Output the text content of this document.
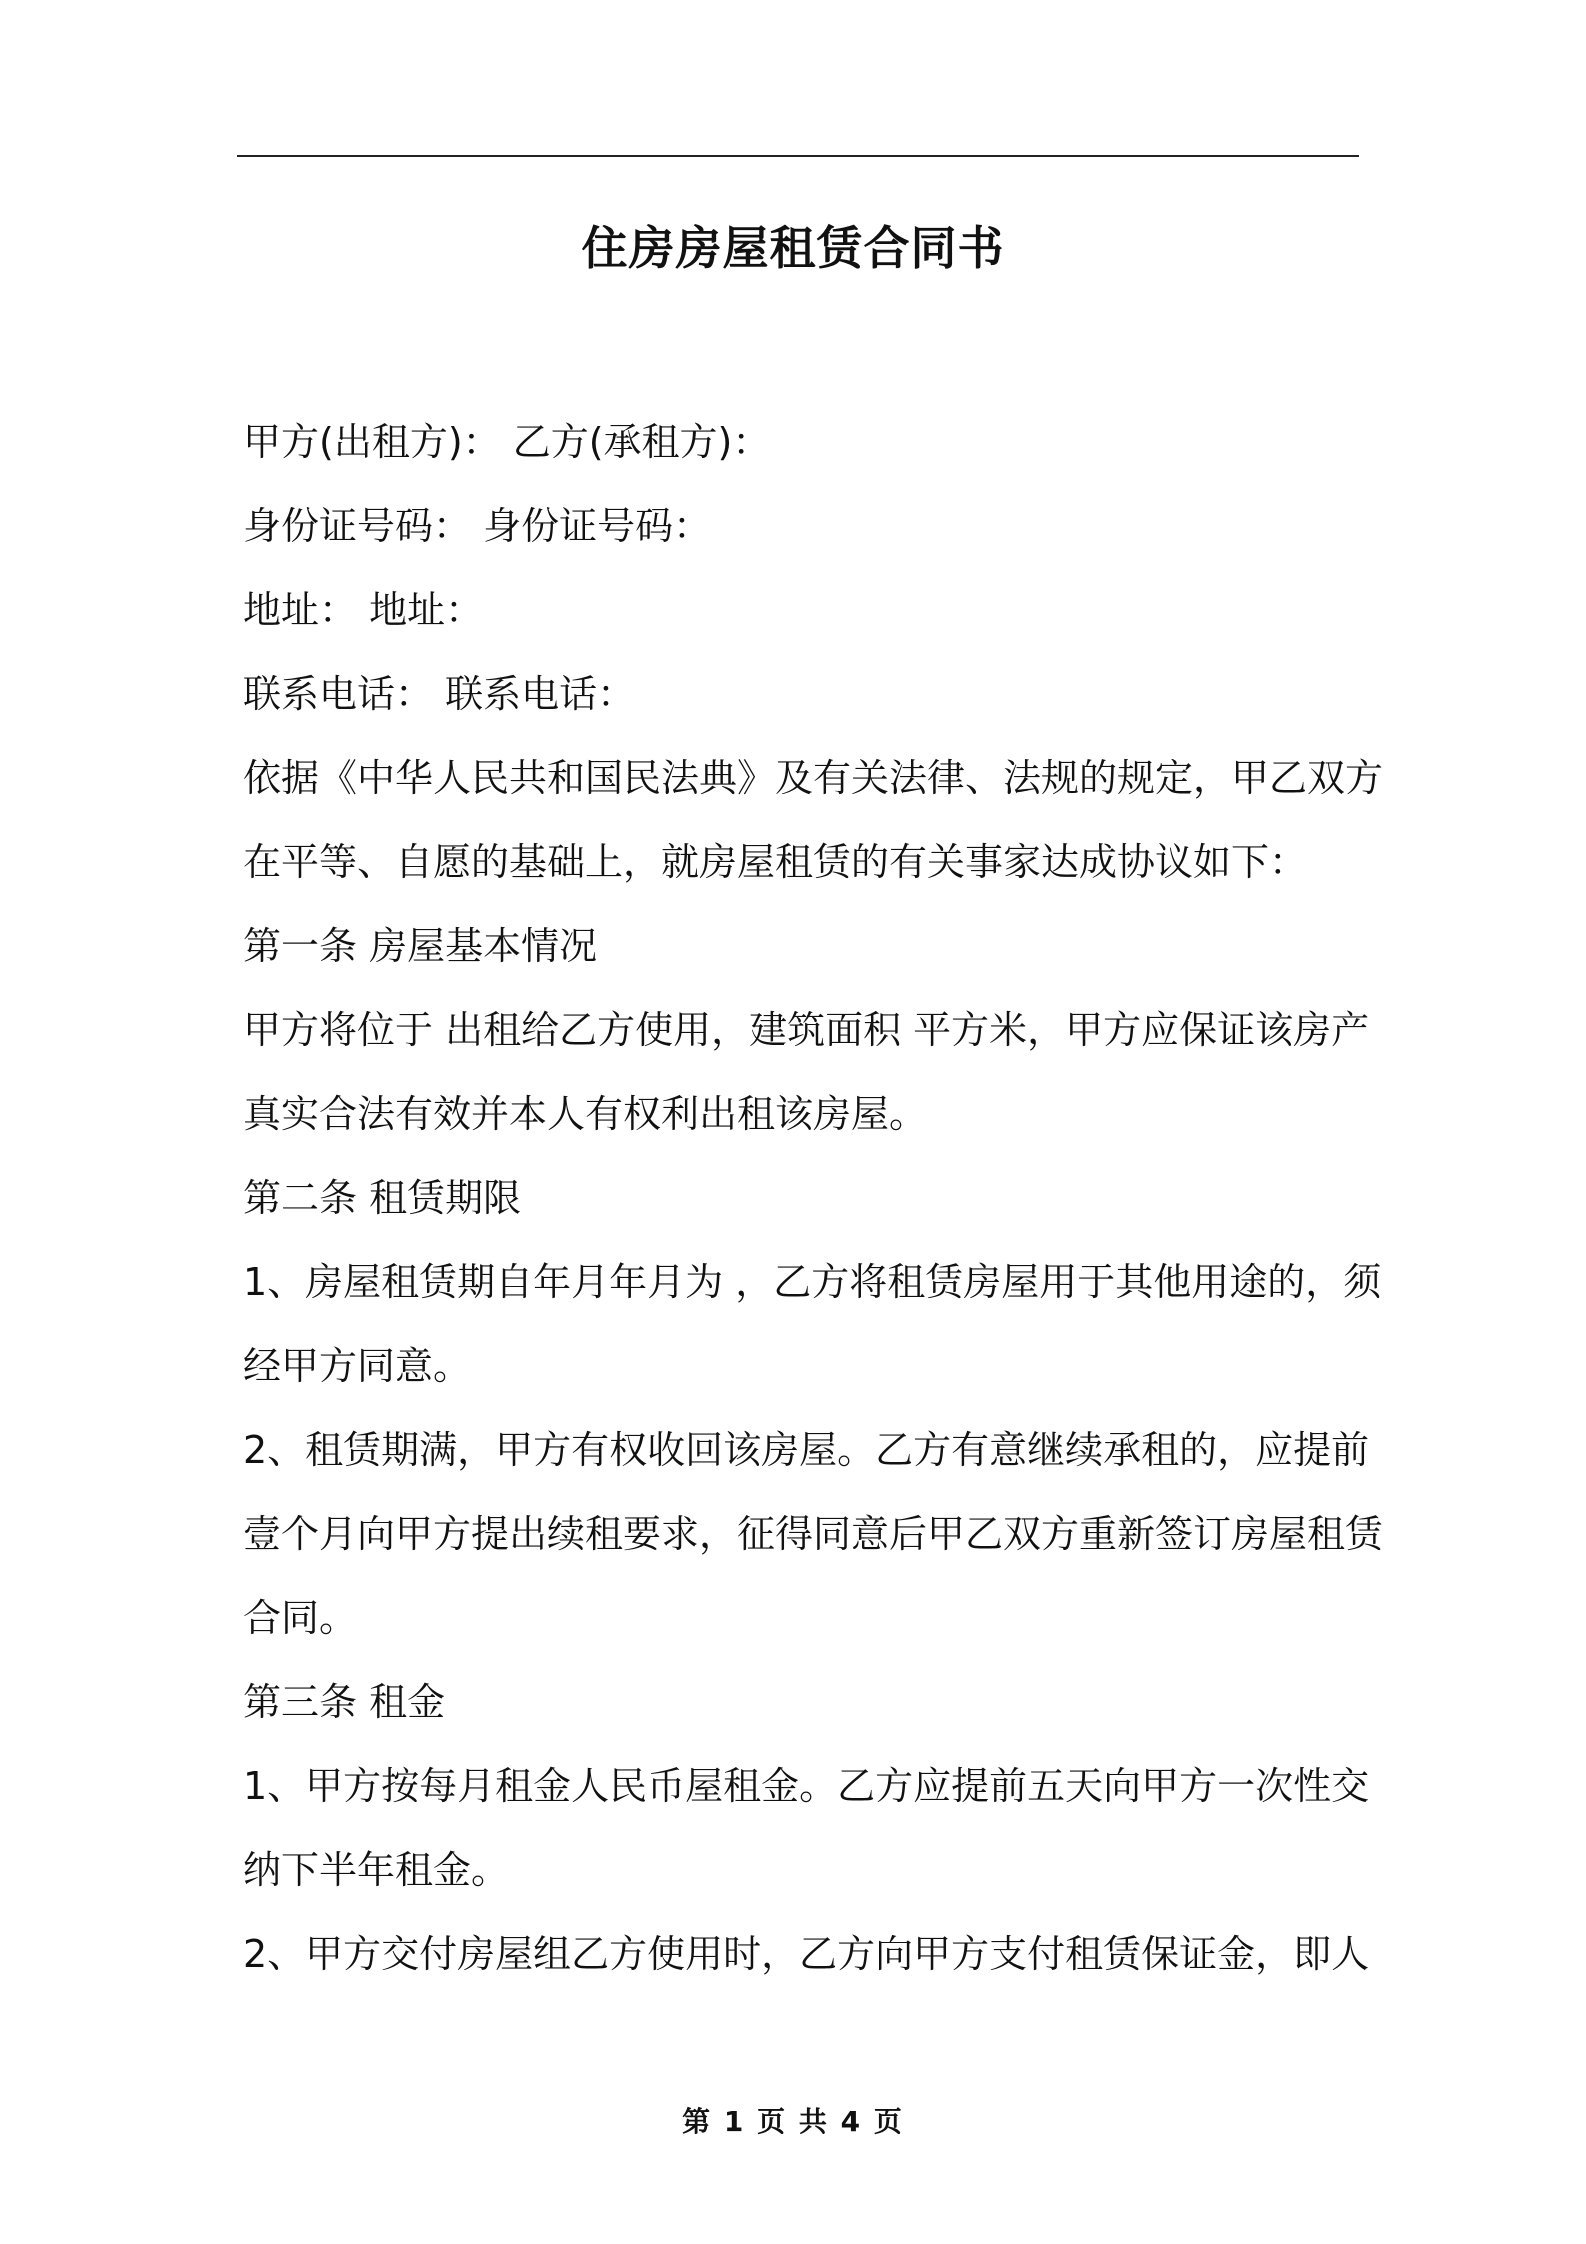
住房房屋租赁合同书
甲方(出租方)： 乙方(承租方)：
身份证号码： 身份证号码：
地址： 地址：
联系电话： 联系电话：
依据《中华人民共和国民法典》及有关法律、法规的规定，甲乙双方
在平等、自愿的基础上，就房屋租赁的有关事家达成协议如下：
第一条 房屋基本情况
甲方将位于 出租给乙方使用，建筑面积 平方米，甲方应保证该房产
真实合法有效并本人有权利出租该房屋。
第二条 租赁期限
1、房屋租赁期自年月年月为 ，乙方将租赁房屋用于其他用途的，须
经甲方同意。
2、租赁期满，甲方有权收回该房屋。乙方有意继续承租的，应提前
壹个月向甲方提出续租要求，征得同意后甲乙双方重新签订房屋租赁
合同。
第三条 租金
1、甲方按每月租金人民币屋租金。乙方应提前五天向甲方一次性交
纳下半年租金。
2、甲方交付房屋组乙方使用时，乙方向甲方支付租赁保证金，即人
第 1 页 共 4 页
